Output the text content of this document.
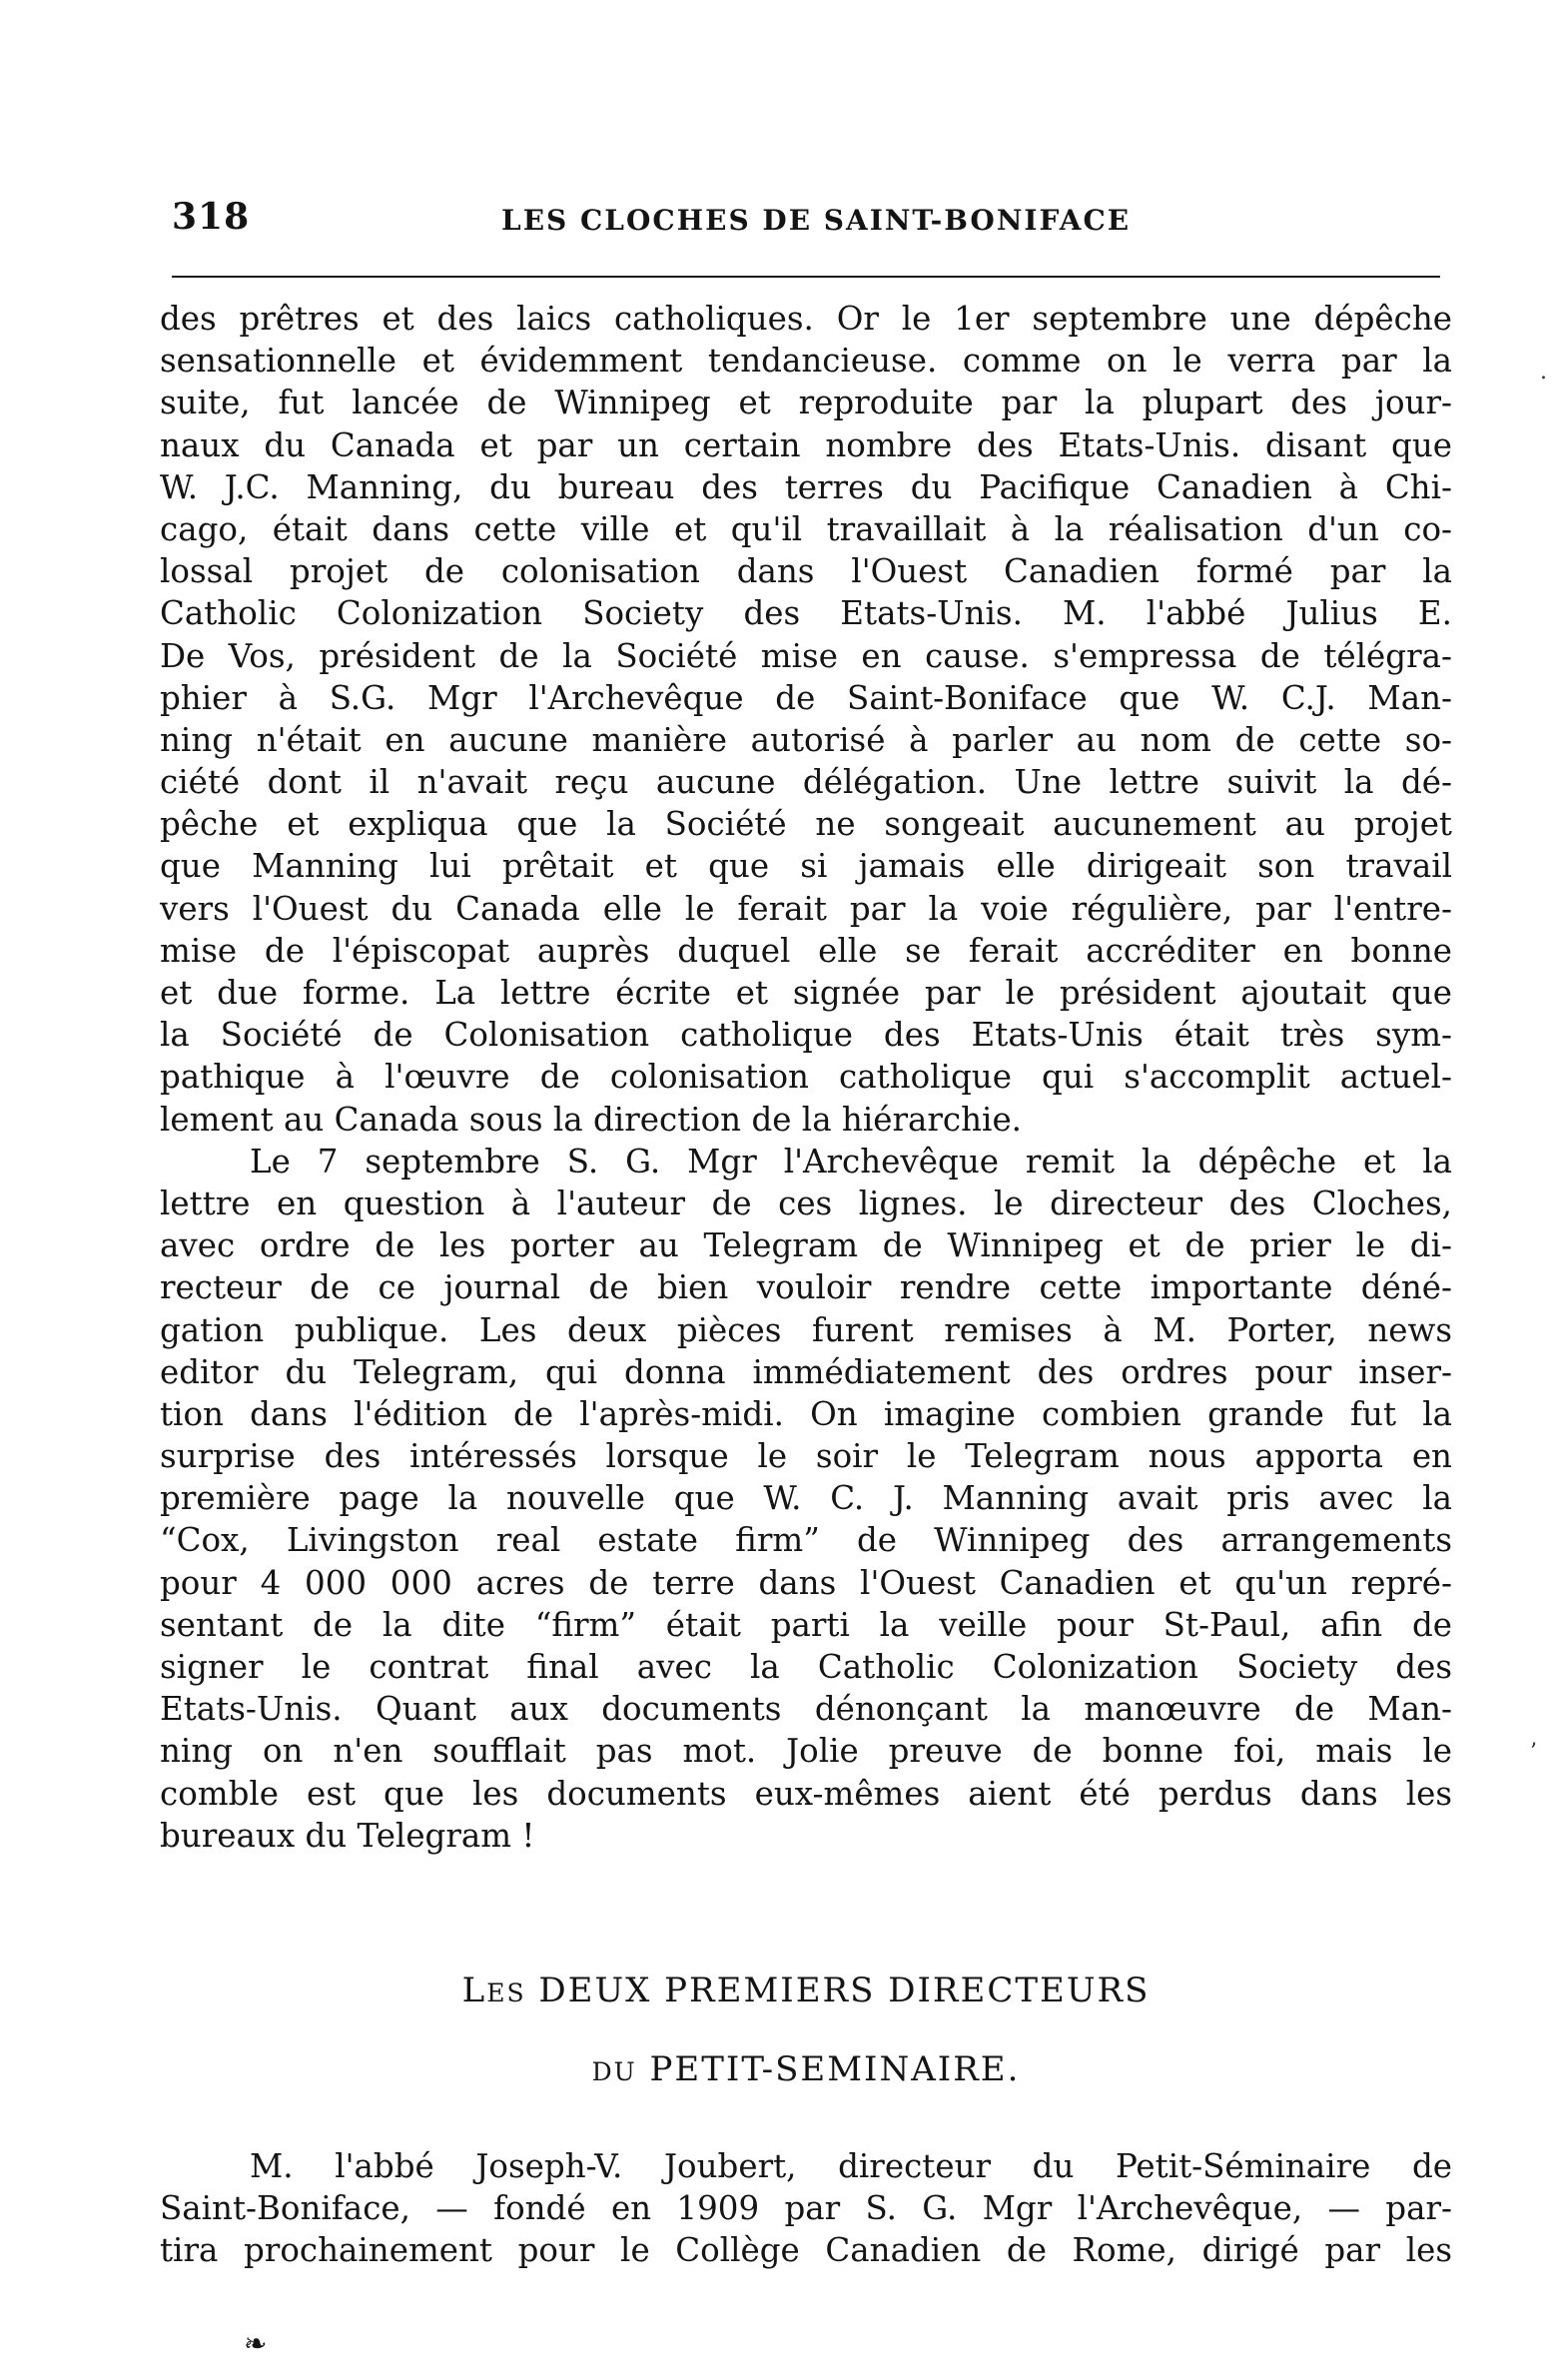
318	LES CLOCHES DE SAINT-BONIFACE
des prêtres et des laics catholiques. Or le 1er septembre une dépêche
sensationnelle et évidemment tendancieuse. comme on le verra par la
suite, fut lancée de Winnipeg et reproduite par la plupart des jour-
naux du Canada et par un certain nombre des Etats-Unis. disant que
W. J.C. Manning, du bureau des terres du Pacifique Canadien à Chi-
cago, était dans cette ville et qu'il travaillait à la réalisation d'un co-
lossal projet de colonisation dans l'Ouest Canadien formé par la
Catholic Colonization Society des Etats-Unis. M. l'abbé Julius E.
De Vos, président de la Société mise en cause. s'empressa de télégra-
phier à S.G. Mgr l'Archevêque de Saint-Boniface que W. C.J. Man-
ning n'était en aucune manière autorisé à parler au nom de cette so-
ciété dont il n'avait reçu aucune délégation. Une lettre suivit la dé-
pêche et expliqua que la Société ne songeait aucunement au projet
que Manning lui prêtait et que si jamais elle dirigeait son travail
vers l'Ouest du Canada elle le ferait par la voie régulière, par l'entre-
mise de l'épiscopat auprès duquel elle se ferait accréditer en bonne
et due forme. La lettre écrite et signée par le président ajoutait que
la Société de Colonisation catholique des Etats-Unis était très sym-
pathique à l'œuvre de colonisation catholique qui s'accomplit actuel-
lement au Canada sous la direction de la hiérarchie.
Le 7 septembre S. G. Mgr l'Archevêque remit la dépêche et la
lettre en question à l'auteur de ces lignes. le directeur des Cloches,
avec ordre de les porter au Telegram de Winnipeg et de prier le di-
recteur de ce journal de bien vouloir rendre cette importante déné-
gation publique. Les deux pièces furent remises à M. Porter, news
editor du Telegram, qui donna immédiatement des ordres pour inser-
tion dans l'édition de l'après-midi. On imagine combien grande fut la
surprise des intéressés lorsque le soir le Telegram nous apporta en
première page la nouvelle que W. C. J. Manning avait pris avec la
“Cox, Livingston real estate firm” de Winnipeg des arrangements
pour 4 000 000 acres de terre dans l'Ouest Canadien et qu'un repré-
sentant de la dite “firm” était parti la veille pour St-Paul, afin de
signer le contrat final avec la Catholic Colonization Society des
Etats-Unis. Quant aux documents dénonçant la manœuvre de Man-
ning on n'en soufflait pas mot. Jolie preuve de bonne foi, mais le
comble est que les documents eux-mêmes aient été perdus dans les
bureaux du Telegram !
LES DEUX PREMIERS DIRECTEURS
DU PETIT-SEMINAIRE.
M. l'abbé Joseph-V. Joubert, directeur du Petit-Séminaire de
Saint-Boniface, — fondé en 1909 par S. G. Mgr l'Archevêque, — par-
tira prochainement pour le Collège Canadien de Rome, dirigé par les
❧
.
’
